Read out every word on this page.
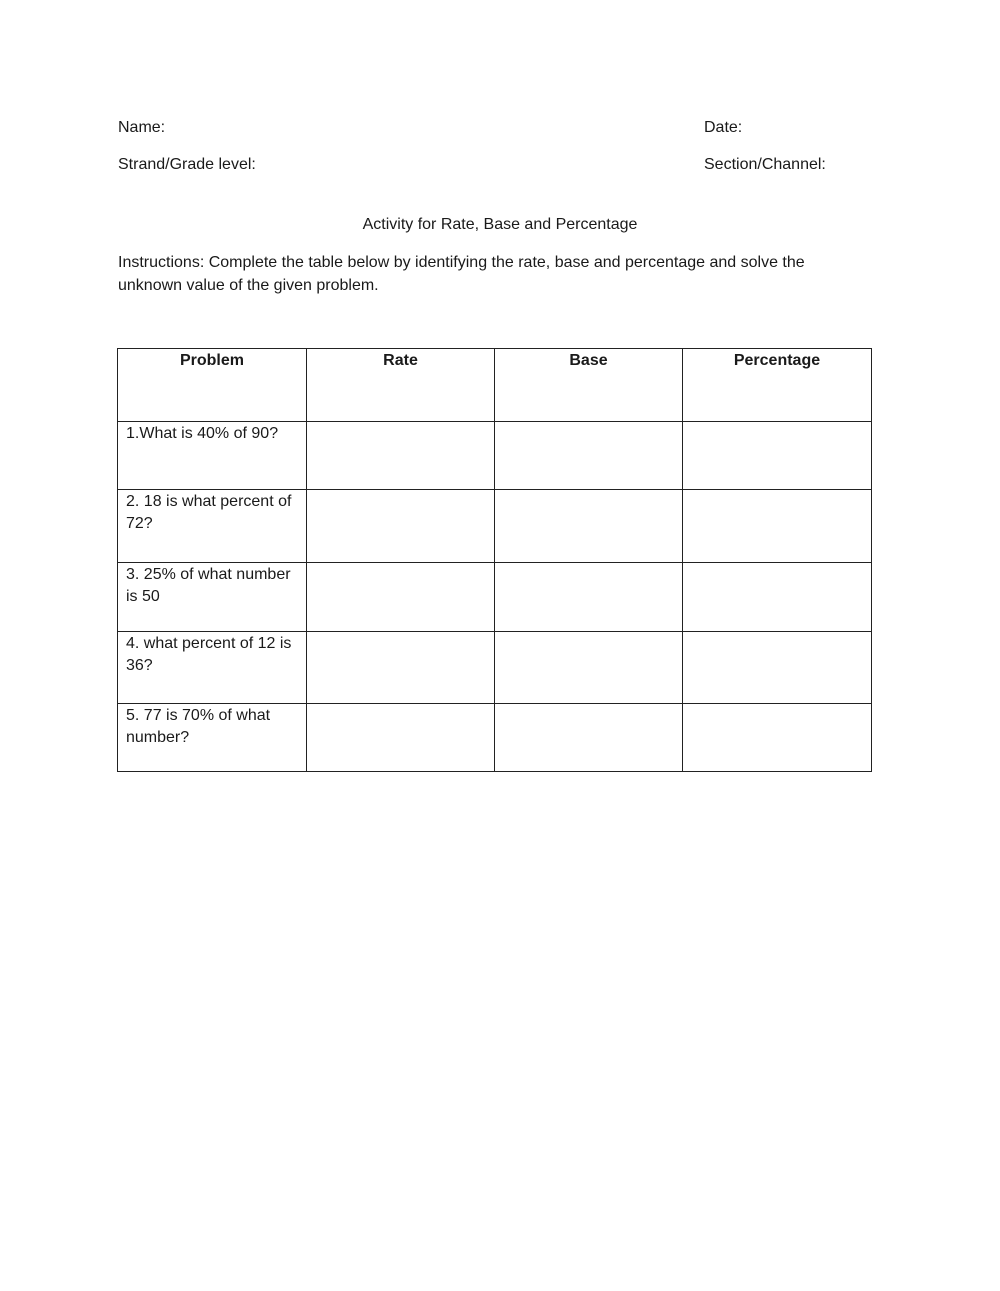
Name:	Date:
Strand/Grade level:	Section/Channel:
Activity for Rate, Base and Percentage
Instructions: Complete the table below by identifying the rate, base and percentage and solve the unknown value of the given problem.
Problem	Rate	Base	Percentage
1.What is 40% of 90?			
2. 18 is what percent of 72?			
3. 25% of what number is 50			
4. what percent of 12 is 36?			
5. 77 is 70% of what number?			
